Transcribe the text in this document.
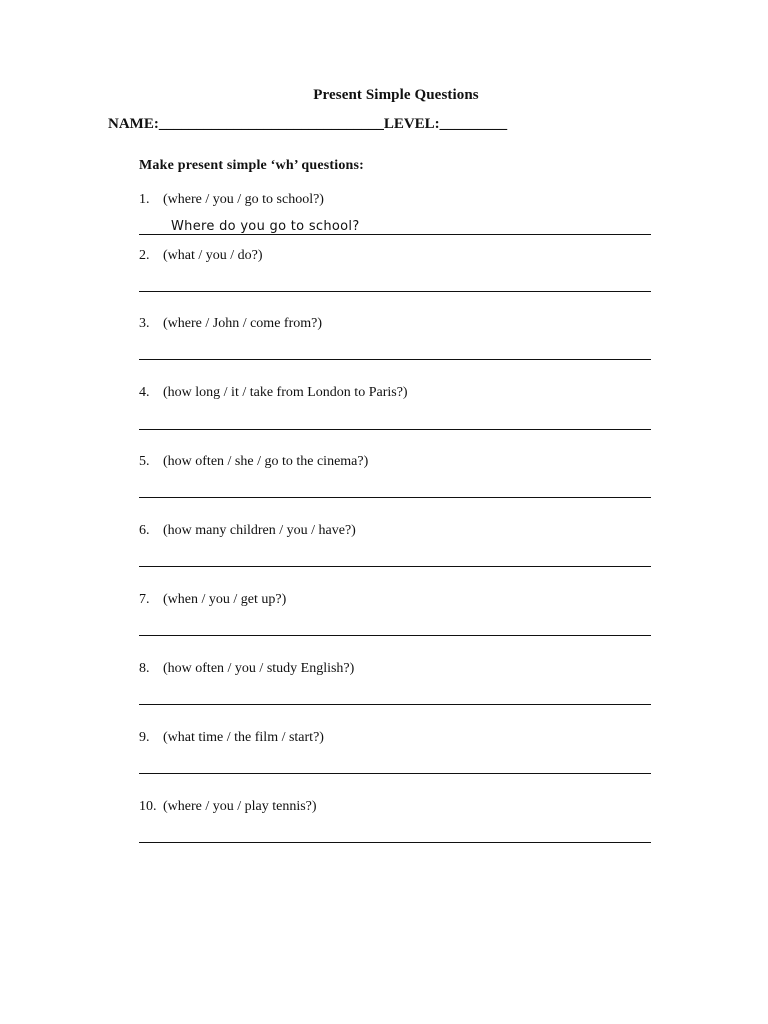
Present Simple Questions
NAME:______________________________LEVEL:_________
Make present simple ‘wh’ questions:
1. (where / you / go to school?)
Where do you go to school?
2. (what / you / do?)
3. (where / John / come from?)
4. (how long / it / take from London to Paris?)
5. (how often / she / go to the cinema?)
6. (how many children / you / have?)
7. (when / you / get up?)
8. (how often / you / study English?)
9. (what time / the film / start?)
10. (where / you / play tennis?)
